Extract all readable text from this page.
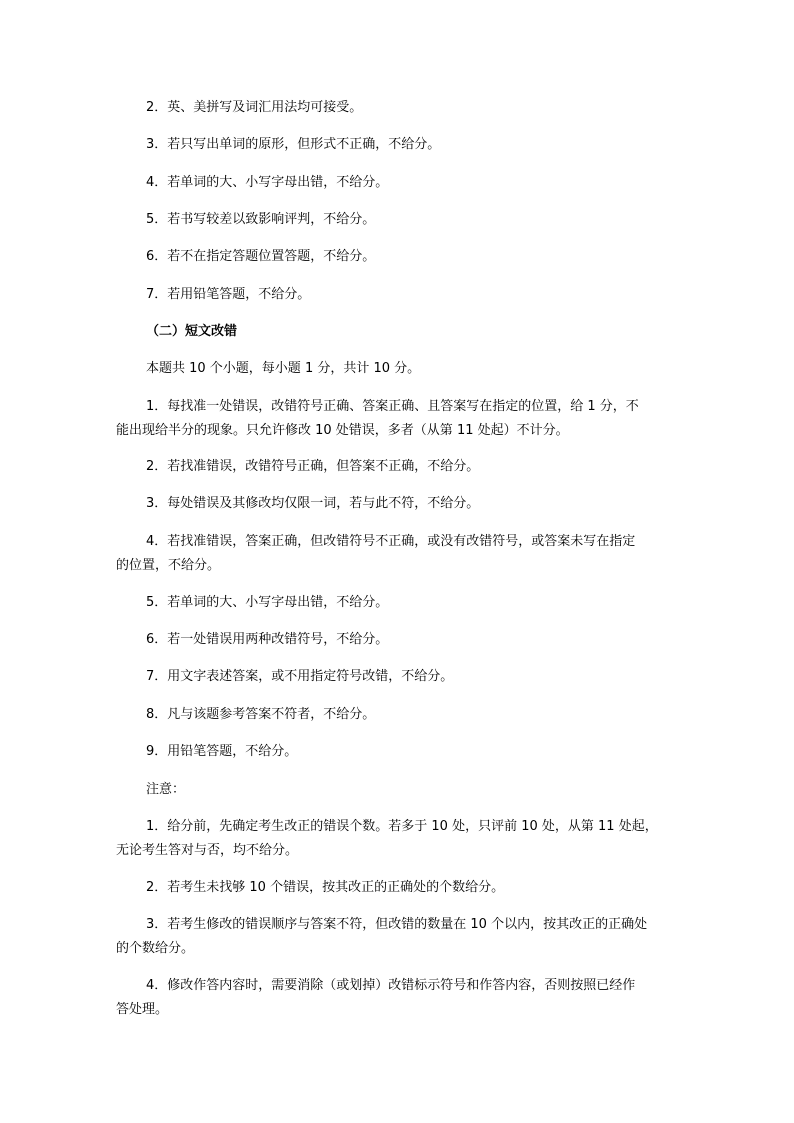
2．英、美拼写及词汇用法均可接受。

3．若只写出单词的原形，但形式不正确，不给分。

4．若单词的大、小写字母出错，不给分。

5．若书写较差以致影响评判，不给分。

6．若不在指定答题位置答题，不给分。

7．若用铅笔答题，不给分。

（二）短文改错

本题共 10 个小题，每小题 1 分，共计 10 分。

1．每找准一处错误，改错符号正确、答案正确、且答案写在指定的位置，给 1 分，不

能出现给半分的现象。只允许修改 10 处错误，多者（从第 11 处起）不计分。

2．若找准错误，改错符号正确，但答案不正确，不给分。

3．每处错误及其修改均仅限一词，若与此不符，不给分。

4．若找准错误，答案正确，但改错符号不正确，或没有改错符号，或答案未写在指定

的位置，不给分。

5．若单词的大、小写字母出错，不给分。

6．若一处错误用两种改错符号，不给分。

7．用文字表述答案，或不用指定符号改错，不给分。

8．凡与该题参考答案不符者，不给分。

9．用铅笔答题，不给分。

注意：

1．给分前，先确定考生改正的错误个数。若多于 10 处，只评前 10 处，从第 11 处起，

无论考生答对与否，均不给分。

2．若考生未找够 10 个错误，按其改正的正确处的个数给分。

3．若考生修改的错误顺序与答案不符，但改错的数量在 10 个以内，按其改正的正确处

的个数给分。

4．修改作答内容时，需要消除（或划掉）改错标示符号和作答内容，否则按照已经作

答处理。
